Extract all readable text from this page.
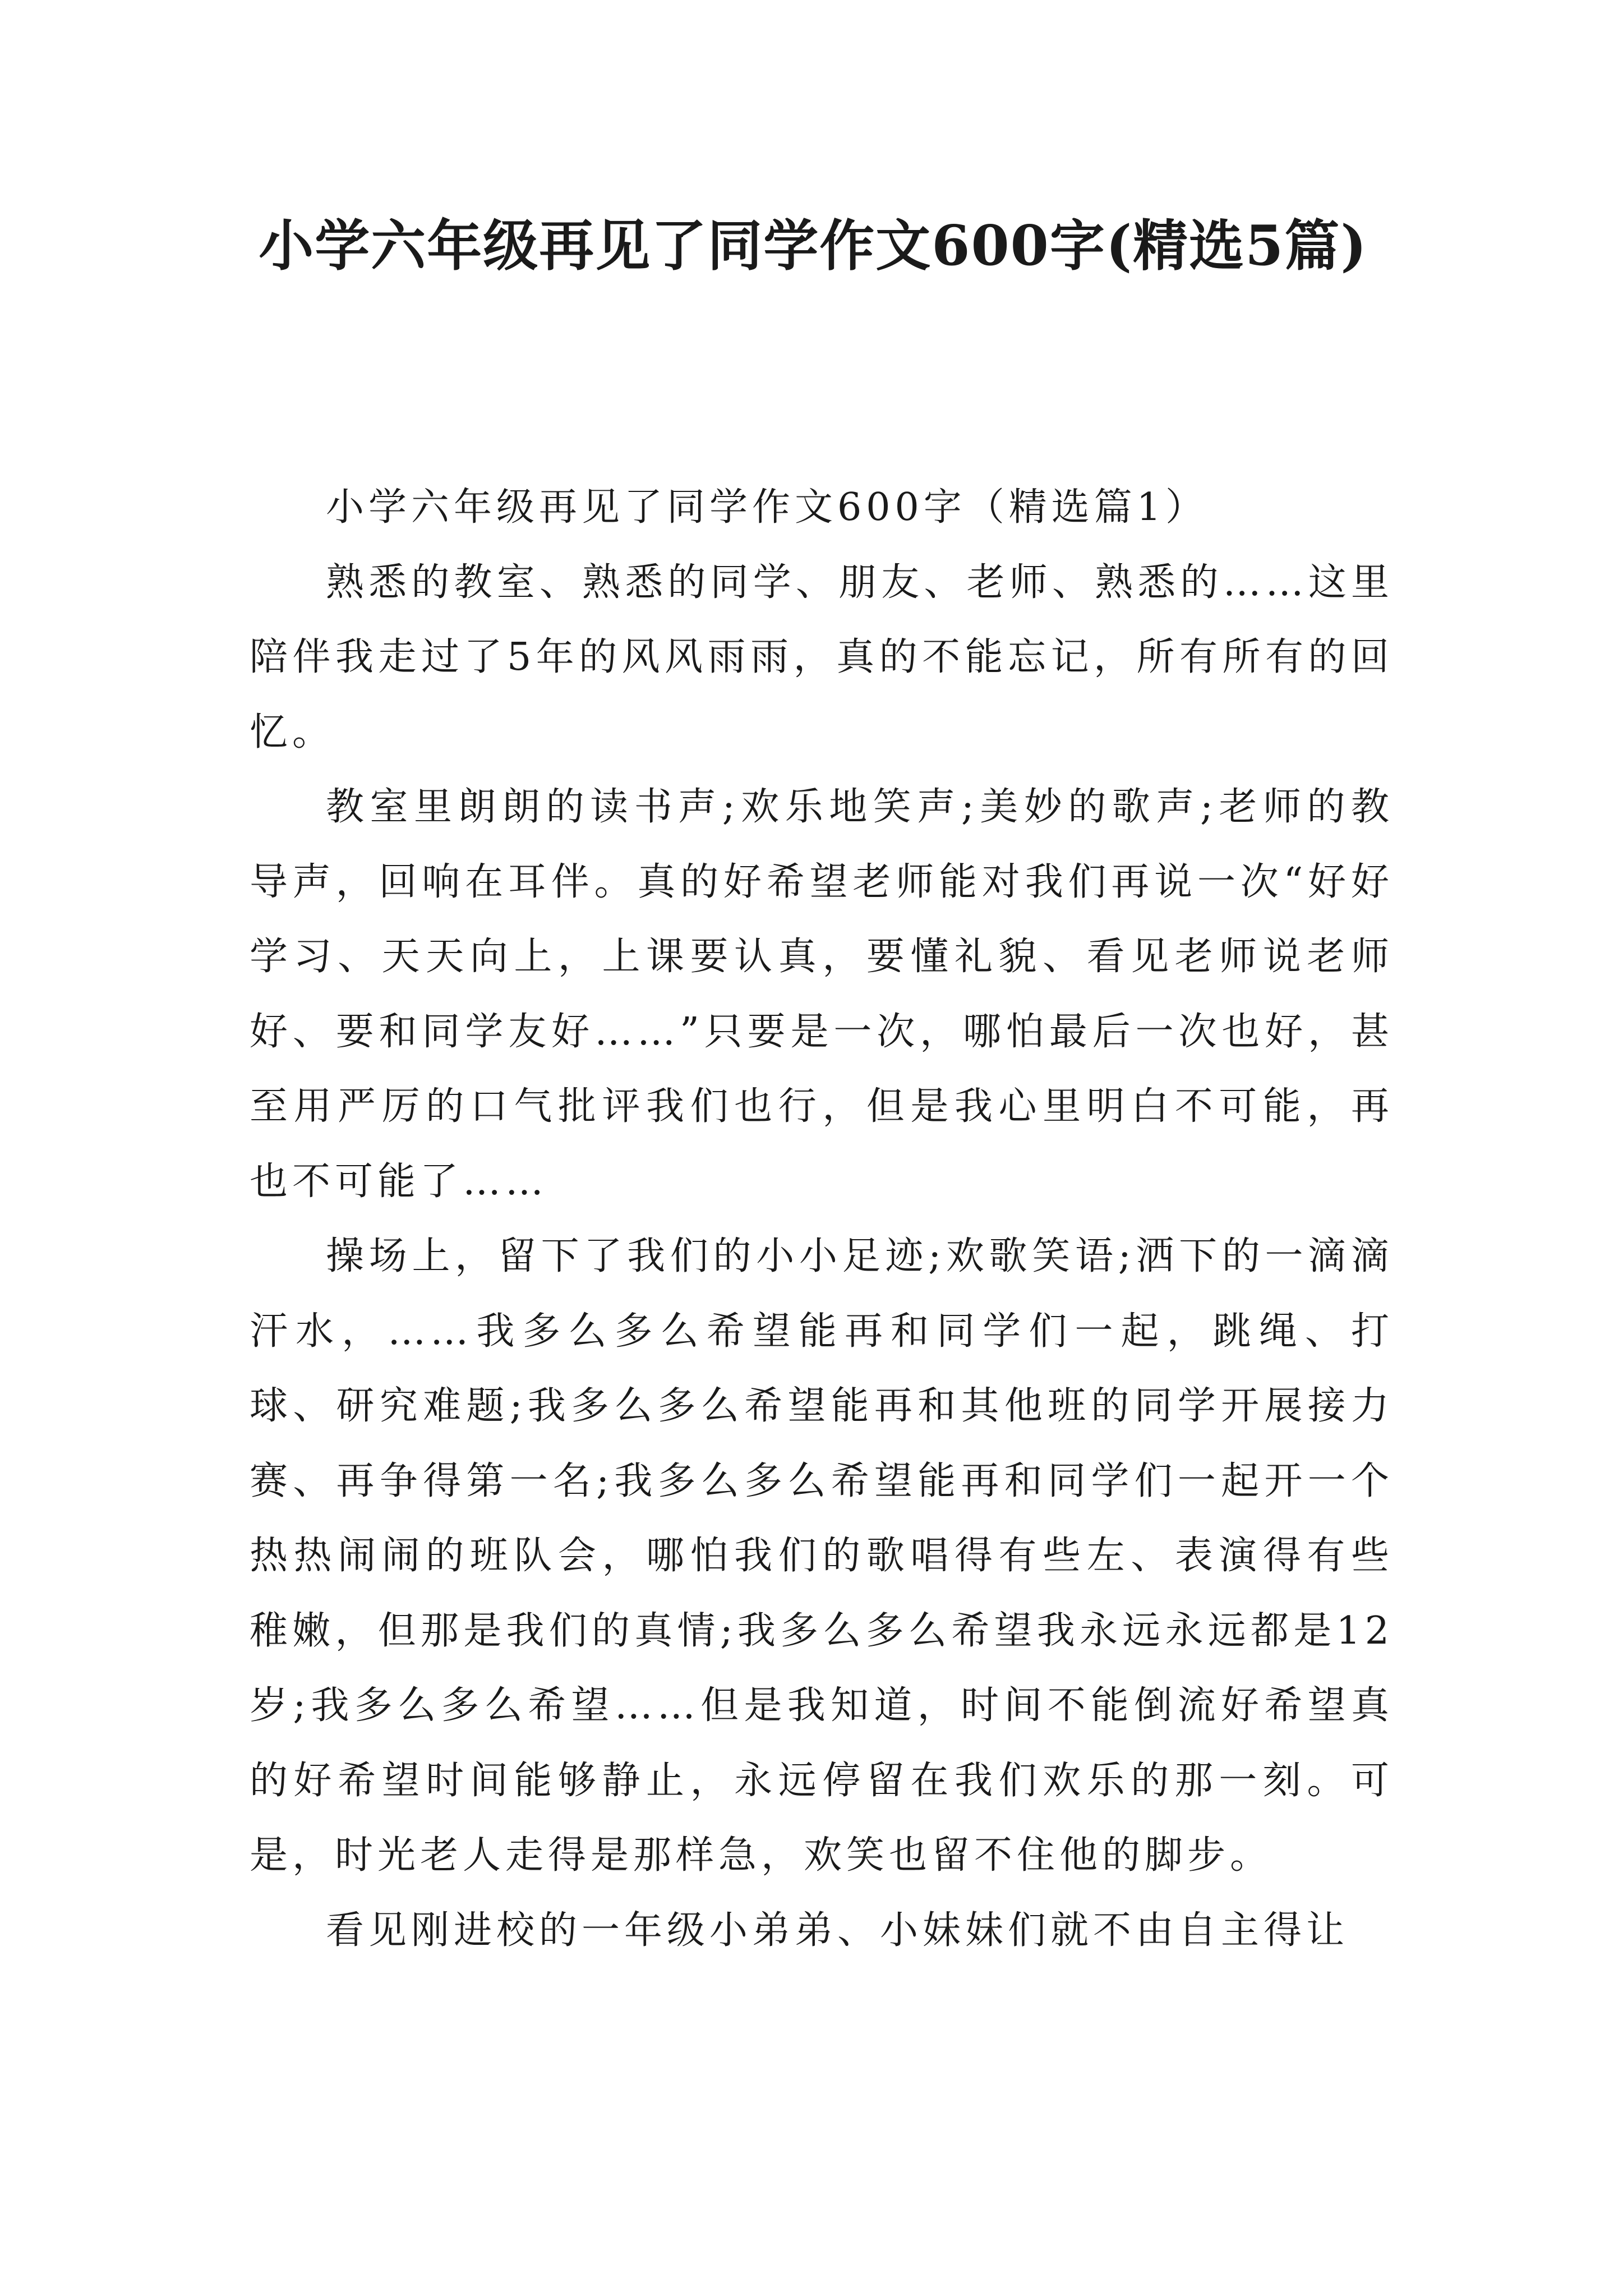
小学六年级再见了同学作文600字(精选5篇)

小学六年级再见了同学作文600字（精选篇1）

熟悉的教室、熟悉的同学、朋友、老师、熟悉的……这里陪伴我走过了5年的风风雨雨，真的不能忘记，所有所有的回忆。

教室里朗朗的读书声;欢乐地笑声;美妙的歌声;老师的教导声，回响在耳伴。真的好希望老师能对我们再说一次“好好学习、天天向上，上课要认真，要懂礼貌、看见老师说老师好、要和同学友好……”只要是一次，哪怕最后一次也好，甚至用严厉的口气批评我们也行，但是我心里明白不可能，再也不可能了……

操场上，留下了我们的小小足迹;欢歌笑语;洒下的一滴滴汗水，……我多么多么希望能再和同学们一起，跳绳、打球、研究难题;我多么多么希望能再和其他班的同学开展接力赛、再争得第一名;我多么多么希望能再和同学们一起开一个热热闹闹的班队会，哪怕我们的歌唱得有些左、表演得有些稚嫩，但那是我们的真情;我多么多么希望我永远永远都是12岁;我多么多么希望……但是我知道，时间不能倒流好希望真的好希望时间能够静止，永远停留在我们欢乐的那一刻。可是，时光老人走得是那样急，欢笑也留不住他的脚步。

看见刚进校的一年级小弟弟、小妹妹们就不由自主得让
